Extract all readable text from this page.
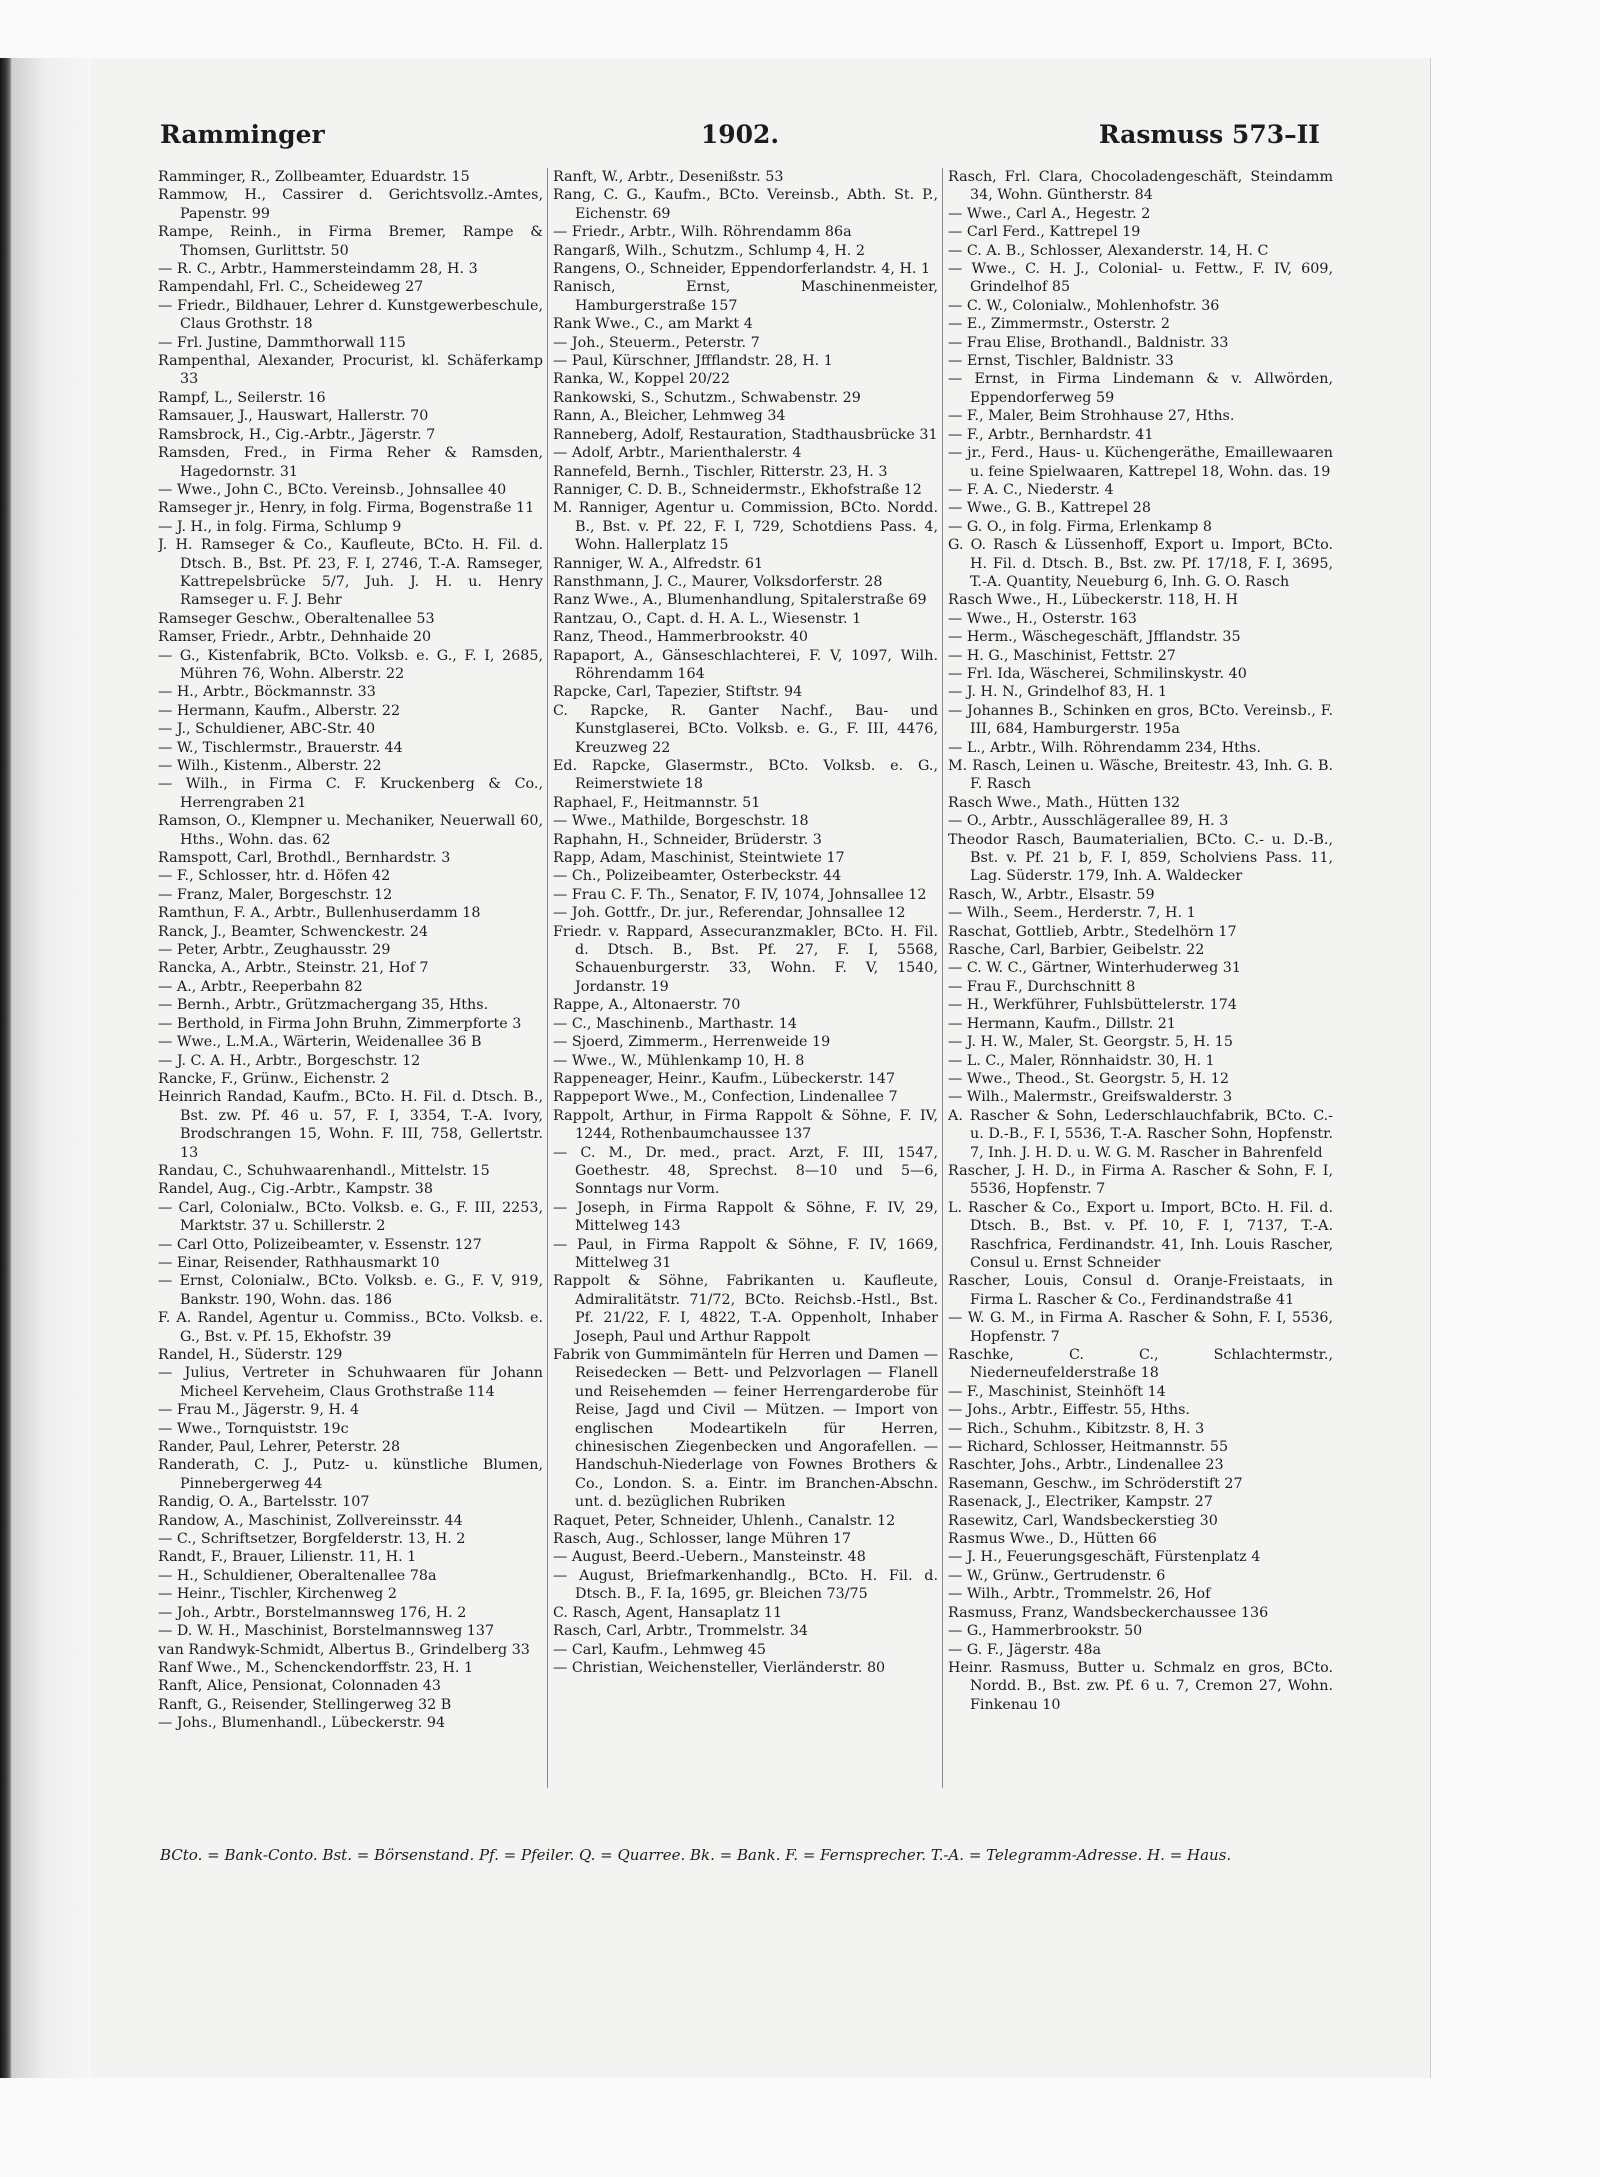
Ramminger	1902.	Rasmuss 573–II

Ramminger, R., Zollbeamter, Eduardstr. 15

Rammow, H., Cassirer d. Gerichtsvollz.-Amtes, Papenstr. 99

Rampe, Reinh., in Firma Bremer, Rampe & Thomsen, Gurlittstr. 50

— R. C., Arbtr., Hammersteindamm 28, H. 3

Rampendahl, Frl. C., Scheideweg 27

— Friedr., Bildhauer, Lehrer d. Kunstgewerbeschule, Claus Grothstr. 18

— Frl. Justine, Dammthorwall 115

Rampenthal, Alexander, Procurist, kl. Schäferkamp 33

Rampf, L., Seilerstr. 16

Ramsauer, J., Hauswart, Hallerstr. 70

Ramsbrock, H., Cig.-Arbtr., Jägerstr. 7

Ramsden, Fred., in Firma Reher & Ramsden, Hagedornstr. 31

— Wwe., John C., BCto. Vereinsb., Johnsallee 40

Ramseger jr., Henry, in folg. Firma, Bogenstraße 11

— J. H., in folg. Firma, Schlump 9

J. H. Ramseger & Co., Kaufleute, BCto. H. Fil. d. Dtsch. B., Bst. Pf. 23, F. I, 2746, T.-A. Ramseger, Kattrepelsbrücke 5/7, Juh. J. H. u. Henry Ramseger u. F. J. Behr

Ramseger Geschw., Oberaltenallee 53

Ramser, Friedr., Arbtr., Dehnhaide 20

— G., Kistenfabrik, BCto. Volksb. e. G., F. I, 2685, Mühren 76, Wohn. Alberstr. 22

— H., Arbtr., Böckmannstr. 33

— Hermann, Kaufm., Alberstr. 22

— J., Schuldiener, ABC-Str. 40

— W., Tischlermstr., Brauerstr. 44

— Wilh., Kistenm., Alberstr. 22

— Wilh., in Firma C. F. Kruckenberg & Co., Herrengraben 21

Ramson, O., Klempner u. Mechaniker, Neuerwall 60, Hths., Wohn. das. 62

Ramspott, Carl, Brothdl., Bernhardstr. 3

— F., Schlosser, htr. d. Höfen 42

— Franz, Maler, Borgeschstr. 12

Ramthun, F. A., Arbtr., Bullenhuserdamm 18

Ranck, J., Beamter, Schwenckestr. 24

— Peter, Arbtr., Zeughausstr. 29

Rancka, A., Arbtr., Steinstr. 21, Hof 7

— A., Arbtr., Reeperbahn 82

— Bernh., Arbtr., Grützmachergang 35, Hths.

— Berthold, in Firma John Bruhn, Zimmerpforte 3

— Wwe., L.M.A., Wärterin, Weidenallee 36 B

— J. C. A. H., Arbtr., Borgeschstr. 12

Rancke, F., Grünw., Eichenstr. 2

Heinrich Randad, Kaufm., BCto. H. Fil. d. Dtsch. B., Bst. zw. Pf. 46 u. 57, F. I, 3354, T.-A. Ivory, Brodschrangen 15, Wohn. F. III, 758, Gellertstr. 13

Randau, C., Schuhwaarenhandl., Mittelstr. 15

Randel, Aug., Cig.-Arbtr., Kampstr. 38

— Carl, Colonialw., BCto. Volksb. e. G., F. III, 2253, Marktstr. 37 u. Schillerstr. 2

— Carl Otto, Polizeibeamter, v. Essenstr. 127

— Einar, Reisender, Rathhausmarkt 10

— Ernst, Colonialw., BCto. Volksb. e. G., F. V, 919, Bankstr. 190, Wohn. das. 186

F. A. Randel, Agentur u. Commiss., BCto. Volksb. e. G., Bst. v. Pf. 15, Ekhofstr. 39

Randel, H., Süderstr. 129

— Julius, Vertreter in Schuhwaaren für Johann Micheel Kerveheim, Claus Grothstraße 114

— Frau M., Jägerstr. 9, H. 4

— Wwe., Tornquiststr. 19c

Rander, Paul, Lehrer, Peterstr. 28

Randerath, C. J., Putz- u. künstliche Blumen, Pinnebergerweg 44

Randig, O. A., Bartelsstr. 107

Randow, A., Maschinist, Zollvereinsstr. 44

— C., Schriftsetzer, Borgfelderstr. 13, H. 2

Randt, F., Brauer, Lilienstr. 11, H. 1

— H., Schuldiener, Oberaltenallee 78a

— Heinr., Tischler, Kirchenweg 2

— Joh., Arbtr., Borstelmannsweg 176, H. 2

— D. W. H., Maschinist, Borstelmannsweg 137

van Randwyk-Schmidt, Albertus B., Grindelberg 33

Ranf Wwe., M., Schenckendorffstr. 23, H. 1

Ranft, Alice, Pensionat, Colonnaden 43

Ranft, G., Reisender, Stellingerweg 32 B

— Johs., Blumenhandl., Lübeckerstr. 94

Ranft, W., Arbtr., Desenißstr. 53

Rang, C. G., Kaufm., BCto. Vereinsb., Abth. St. P., Eichenstr. 69

— Friedr., Arbtr., Wilh. Röhrendamm 86a

Rangarß, Wilh., Schutzm., Schlump 4, H. 2

Rangens, O., Schneider, Eppendorferlandstr. 4, H. 1

Ranisch, Ernst, Maschinenmeister, Hamburgerstraße 157

Rank Wwe., C., am Markt 4

— Joh., Steuerm., Peterstr. 7

— Paul, Kürschner, Jffflandstr. 28, H. 1

Ranka, W., Koppel 20/22

Rankowski, S., Schutzm., Schwabenstr. 29

Rann, A., Bleicher, Lehmweg 34

Ranneberg, Adolf, Restauration, Stadthausbrücke 31

— Adolf, Arbtr., Marienthalerstr. 4

Rannefeld, Bernh., Tischler, Ritterstr. 23, H. 3

Ranniger, C. D. B., Schneidermstr., Ekhofstraße 12

M. Ranniger, Agentur u. Commission, BCto. Nordd. B., Bst. v. Pf. 22, F. I, 729, Schotdiens Pass. 4, Wohn. Hallerplatz 15

Ranniger, W. A., Alfredstr. 61

Ransthmann, J. C., Maurer, Volksdorferstr. 28

Ranz Wwe., A., Blumenhandlung, Spitalerstraße 69

Rantzau, O., Capt. d. H. A. L., Wiesenstr. 1

Ranz, Theod., Hammerbrookstr. 40

Rapaport, A., Gänseschlachterei, F. V, 1097, Wilh. Röhrendamm 164

Rapcke, Carl, Tapezier, Stiftstr. 94

C. Rapcke, R. Ganter Nachf., Bau- und Kunstglaserei, BCto. Volksb. e. G., F. III, 4476, Kreuzweg 22

Ed. Rapcke, Glasermstr., BCto. Volksb. e. G., Reimerstwiete 18

Raphael, F., Heitmannstr. 51

— Wwe., Mathilde, Borgeschstr. 18

Raphahn, H., Schneider, Brüderstr. 3

Rapp, Adam, Maschinist, Steintwiete 17

— Ch., Polizeibeamter, Osterbeckstr. 44

— Frau C. F. Th., Senator, F. IV, 1074, Johnsallee 12

— Joh. Gottfr., Dr. jur., Referendar, Johnsallee 12

Friedr. v. Rappard, Assecuranzmakler, BCto. H. Fil. d. Dtsch. B., Bst. Pf. 27, F. I, 5568, Schauenburgerstr. 33, Wohn. F. V, 1540, Jordanstr. 19

Rappe, A., Altonaerstr. 70

— C., Maschinenb., Marthastr. 14

— Sjoerd, Zimmerm., Herrenweide 19

— Wwe., W., Mühlenkamp 10, H. 8

Rappeneager, Heinr., Kaufm., Lübeckerstr. 147

Rappeport Wwe., M., Confection, Lindenallee 7

Rappolt, Arthur, in Firma Rappolt & Söhne, F. IV, 1244, Rothenbaumchaussee 137

— C. M., Dr. med., pract. Arzt, F. III, 1547, Goethestr. 48, Sprechst. 8—10 und 5—6, Sonntags nur Vorm.

— Joseph, in Firma Rappolt & Söhne, F. IV, 29, Mittelweg 143

— Paul, in Firma Rappolt & Söhne, F. IV, 1669, Mittelweg 31

Rappolt & Söhne, Fabrikanten u. Kaufleute, Admiralitätstr. 71/72, BCto. Reichsb.-Hstl., Bst. Pf. 21/22, F. I, 4822, T.-A. Oppenholt, Inhaber Joseph, Paul und Arthur Rappolt

Fabrik von Gummimänteln für Herren und Damen — Reisedecken — Bett- und Pelzvorlagen — Flanell und Reisehemden — feiner Herrengarderobe für Reise, Jagd und Civil — Mützen. — Import von englischen Modeartikeln für Herren, chinesischen Ziegenbecken und Angorafellen. — Handschuh-Niederlage von Fownes Brothers & Co., London. S. a. Eintr. im Branchen-Abschn. unt. d. bezüglichen Rubriken

Raquet, Peter, Schneider, Uhlenh., Canalstr. 12

Rasch, Aug., Schlosser, lange Mühren 17

— August, Beerd.-Uebern., Mansteinstr. 48

— August, Briefmarkenhandlg., BCto. H. Fil. d. Dtsch. B., F. Ia, 1695, gr. Bleichen 73/75

C. Rasch, Agent, Hansaplatz 11

Rasch, Carl, Arbtr., Trommelstr. 34

— Carl, Kaufm., Lehmweg 45

— Christian, Weichensteller, Vierländerstr. 80

Rasch, Frl. Clara, Chocoladengeschäft, Steindamm 34, Wohn. Güntherstr. 84

— Wwe., Carl A., Hegestr. 2

— Carl Ferd., Kattrepel 19

— C. A. B., Schlosser, Alexanderstr. 14, H. C

— Wwe., C. H. J., Colonial- u. Fettw., F. IV, 609, Grindelhof 85

— C. W., Colonialw., Mohlenhofstr. 36

— E., Zimmermstr., Osterstr. 2

— Frau Elise, Brothandl., Baldnistr. 33

— Ernst, Tischler, Baldnistr. 33

— Ernst, in Firma Lindemann & v. Allwörden, Eppendorferweg 59

— F., Maler, Beim Strohhause 27, Hths.

— F., Arbtr., Bernhardstr. 41

— jr., Ferd., Haus- u. Küchengeräthe, Emaillewaaren u. feine Spielwaaren, Kattrepel 18, Wohn. das. 19

— F. A. C., Niederstr. 4

— Wwe., G. B., Kattrepel 28

— G. O., in folg. Firma, Erlenkamp 8

G. O. Rasch & Lüssenhoff, Export u. Import, BCto. H. Fil. d. Dtsch. B., Bst. zw. Pf. 17/18, F. I, 3695, T.-A. Quantity, Neueburg 6, Inh. G. O. Rasch

Rasch Wwe., H., Lübeckerstr. 118, H. H

— Wwe., H., Osterstr. 163

— Herm., Wäschegeschäft, Jfflandstr. 35

— H. G., Maschinist, Fettstr. 27

— Frl. Ida, Wäscherei, Schmilinskystr. 40

— J. H. N., Grindelhof 83, H. 1

— Johannes B., Schinken en gros, BCto. Vereinsb., F. III, 684, Hamburgerstr. 195a

— L., Arbtr., Wilh. Röhrendamm 234, Hths.

M. Rasch, Leinen u. Wäsche, Breitestr. 43, Inh. G. B. F. Rasch

Rasch Wwe., Math., Hütten 132

— O., Arbtr., Ausschlägerallee 89, H. 3

Theodor Rasch, Baumaterialien, BCto. C.- u. D.-B., Bst. v. Pf. 21 b, F. I, 859, Scholviens Pass. 11, Lag. Süderstr. 179, Inh. A. Waldecker

Rasch, W., Arbtr., Elsastr. 59

— Wilh., Seem., Herderstr. 7, H. 1

Raschat, Gottlieb, Arbtr., Stedelhörn 17

Rasche, Carl, Barbier, Geibelstr. 22

— C. W. C., Gärtner, Winterhuderweg 31

— Frau F., Durchschnitt 8

— H., Werkführer, Fuhlsbüttelerstr. 174

— Hermann, Kaufm., Dillstr. 21

— J. H. W., Maler, St. Georgstr. 5, H. 15

— L. C., Maler, Rönnhaidstr. 30, H. 1

— Wwe., Theod., St. Georgstr. 5, H. 12

— Wilh., Malermstr., Greifswalderstr. 3

A. Rascher & Sohn, Lederschlauchfabrik, BCto. C.- u. D.-B., F. I, 5536, T.-A. Rascher Sohn, Hopfenstr. 7, Inh. J. H. D. u. W. G. M. Rascher in Bahrenfeld

Rascher, J. H. D., in Firma A. Rascher & Sohn, F. I, 5536, Hopfenstr. 7

L. Rascher & Co., Export u. Import, BCto. H. Fil. d. Dtsch. B., Bst. v. Pf. 10, F. I, 7137, T.-A. Raschfrica, Ferdinandstr. 41, Inh. Louis Rascher, Consul u. Ernst Schneider

Rascher, Louis, Consul d. Oranje-Freistaats, in Firma L. Rascher & Co., Ferdinandstraße 41

— W. G. M., in Firma A. Rascher & Sohn, F. I, 5536, Hopfenstr. 7

Raschke, C. C., Schlachtermstr., Niederneufelderstraße 18

— F., Maschinist, Steinhöft 14

— Johs., Arbtr., Eiffestr. 55, Hths.

— Rich., Schuhm., Kibitzstr. 8, H. 3

— Richard, Schlosser, Heitmannstr. 55

Raschter, Johs., Arbtr., Lindenallee 23

Rasemann, Geschw., im Schröderstift 27

Rasenack, J., Electriker, Kampstr. 27

Rasewitz, Carl, Wandsbeckerstieg 30

Rasmus Wwe., D., Hütten 66

— J. H., Feuerungsgeschäft, Fürstenplatz 4

— W., Grünw., Gertrudenstr. 6

— Wilh., Arbtr., Trommelstr. 26, Hof

Rasmuss, Franz, Wandsbeckerchaussee 136

— G., Hammerbrookstr. 50

— G. F., Jägerstr. 48a

Heinr. Rasmuss, Butter u. Schmalz en gros, BCto. Nordd. B., Bst. zw. Pf. 6 u. 7, Cremon 27, Wohn. Finkenau 10

BCto. = Bank-Conto. Bst. = Börsenstand. Pf. = Pfeiler. Q. = Quarree. Bk. = Bank. F. = Fernsprecher. T.-A. = Telegramm-Adresse. H. = Haus.
